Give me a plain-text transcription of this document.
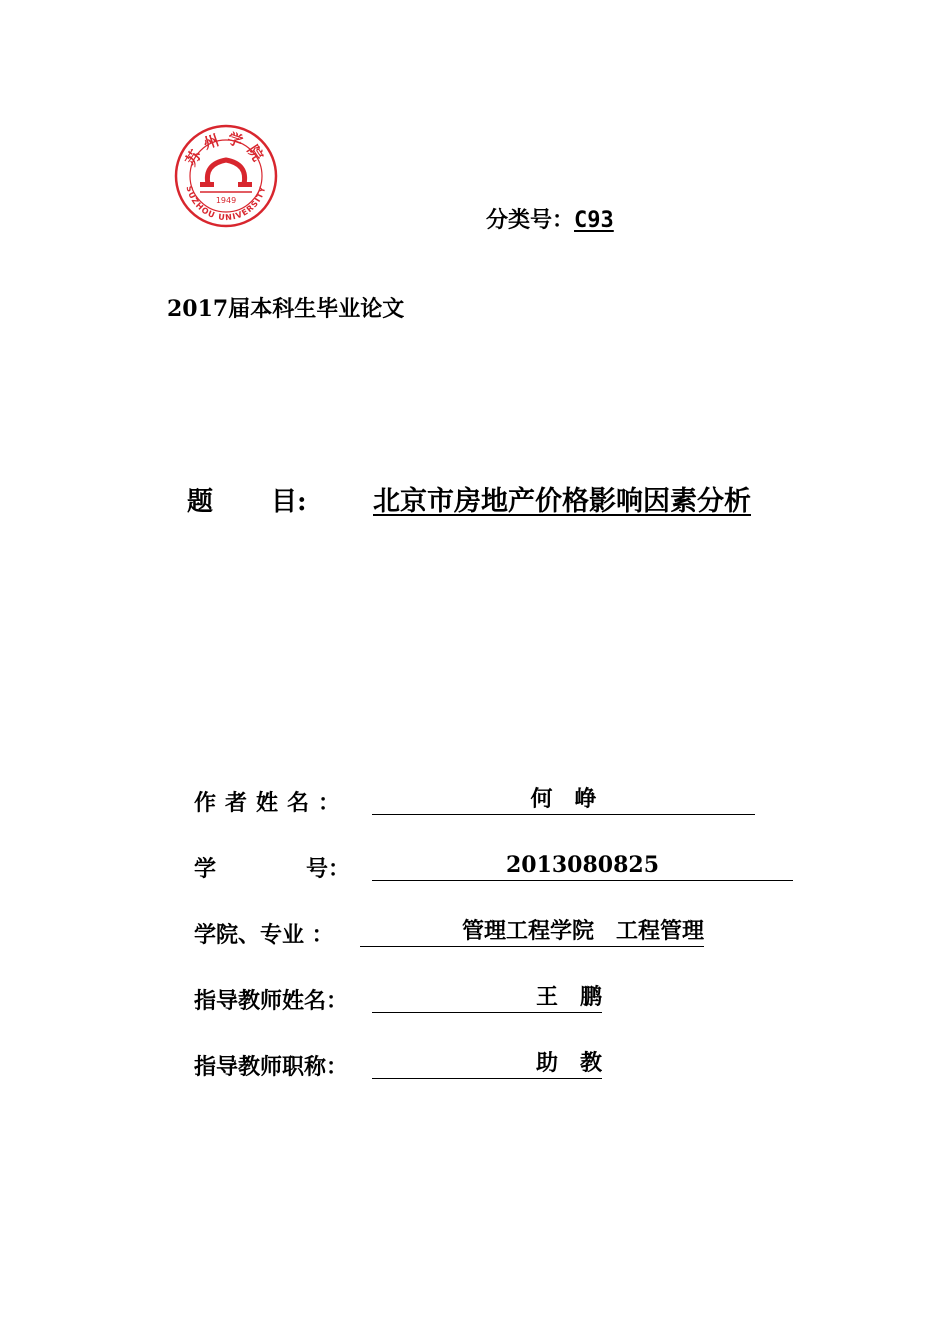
苏州学院
SUZHOU UNIVERSITY
1949
分类号：C93
2017届本科生毕业论文
题 目: 北京市房地产价格影响因素分析
作者姓名：	何　峥
学	号：	2013080825
学院、专业 ：	管理工程学院　工程管理
指导教师姓名：	王　鹏
指导教师职称：	助　教
